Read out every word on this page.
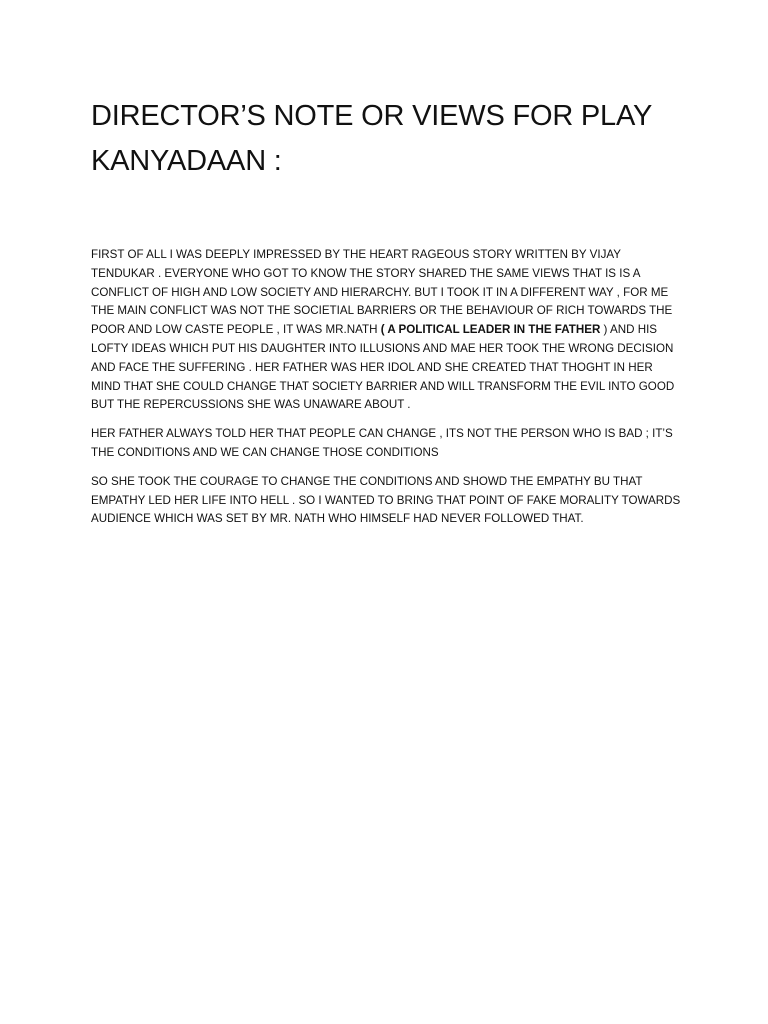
DIRECTOR’S NOTE OR VIEWS FOR PLAY KANYADAAN :

FIRST OF ALL I WAS DEEPLY IMPRESSED BY THE HEART RAGEOUS STORY WRITTEN BY VIJAY TENDUKAR . EVERYONE WHO GOT TO KNOW THE STORY SHARED THE SAME VIEWS THAT IS IS A CONFLICT OF HIGH AND LOW SOCIETY AND HIERARCHY. BUT I TOOK IT IN A DIFFERENT WAY , FOR ME THE MAIN CONFLICT WAS NOT THE SOCIETIAL BARRIERS OR THE BEHAVIOUR OF RICH TOWARDS THE POOR AND LOW CASTE PEOPLE , IT WAS MR.NATH ( A POLITICAL LEADER IN THE FATHER ) AND HIS LOFTY IDEAS WHICH PUT HIS DAUGHTER INTO ILLUSIONS AND MAE HER TOOK THE WRONG DECISION AND FACE THE SUFFERING . HER FATHER WAS HER IDOL AND SHE CREATED THAT THOGHT IN HER MIND THAT SHE COULD CHANGE THAT SOCIETY BARRIER AND WILL TRANSFORM THE EVIL INTO GOOD BUT THE REPERCUSSIONS SHE WAS UNAWARE ABOUT .

HER FATHER ALWAYS TOLD HER THAT PEOPLE CAN CHANGE , ITS NOT THE PERSON WHO IS BAD ; IT’S THE CONDITIONS AND WE CAN CHANGE THOSE CONDITIONS

SO SHE TOOK THE COURAGE TO CHANGE THE CONDITIONS AND SHOWD THE EMPATHY BU THAT EMPATHY LED HER LIFE INTO HELL . SO I WANTED TO BRING THAT POINT OF FAKE MORALITY TOWARDS AUDIENCE WHICH WAS SET BY MR. NATH WHO HIMSELF HAD NEVER FOLLOWED THAT.
